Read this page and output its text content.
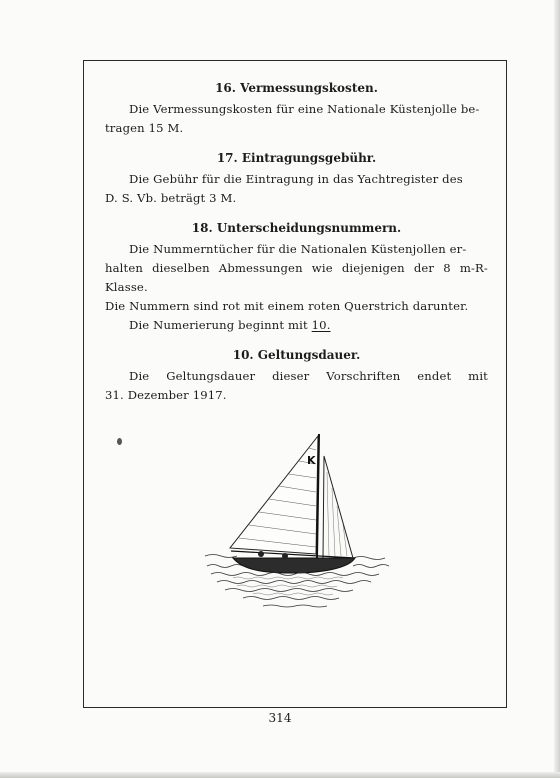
16. Vermessungskosten.

Die Vermessungskosten für eine Nationale Küstenjolle be-
tragen 15 M.

17. Eintragungsgebühr.

Die Gebühr für die Eintragung in das Yachtregister des
D. S. Vb. beträgt 3 M.

18. Unterscheidungsnummern.

Die Nummerntücher für die Nationalen Küstenjollen er-
halten dieselben Abmessungen wie diejenigen der 8 m-R-Klasse.
Die Nummern sind rot mit einem roten Querstrich darunter.

Die Numerierung beginnt mit 10.

10. Geltungsdauer.

Die Geltungsdauer dieser Vorschriften endet mit

31. Dezember 1917.

K
314
